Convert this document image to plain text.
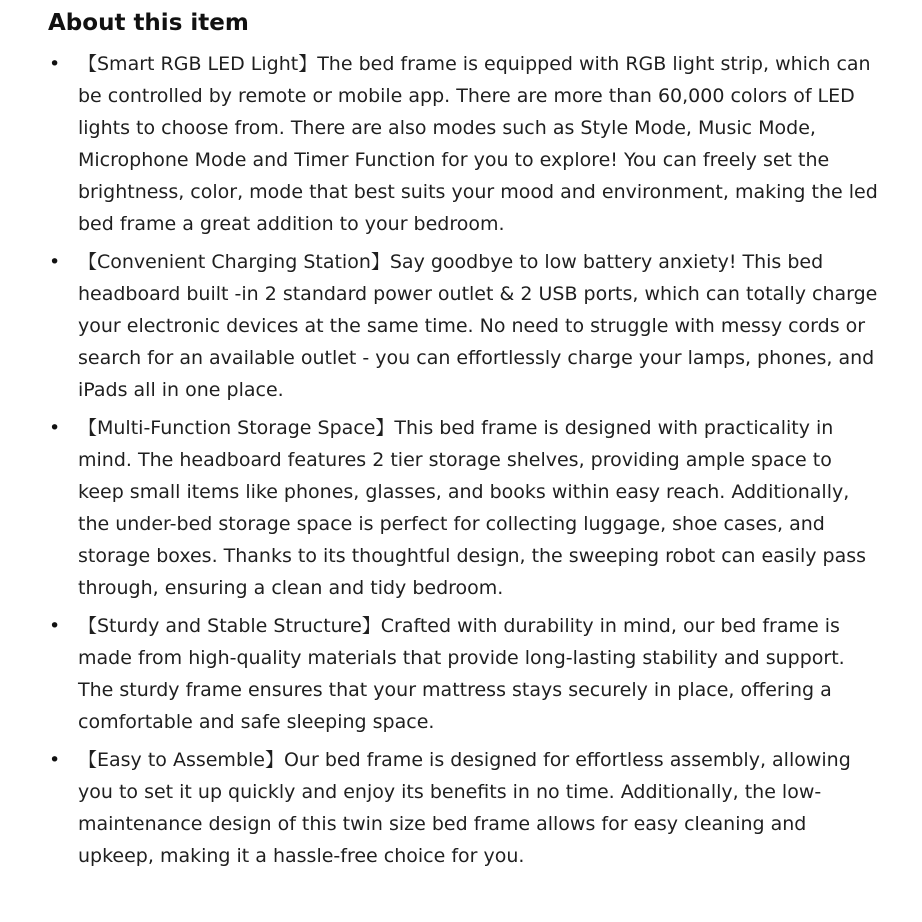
About this item
• 【Smart RGB LED Light】The bed frame is equipped with RGB light strip, which can be controlled by remote or mobile app. There are more than 60,000 colors of LED lights to choose from. There are also modes such as Style Mode, Music Mode, Microphone Mode and Timer Function for you to explore! You can freely set the brightness, color, mode that best suits your mood and environment, making the led bed frame a great addition to your bedroom.
• 【Convenient Charging Station】Say goodbye to low battery anxiety! This bed headboard built -in 2 standard power outlet & 2 USB ports, which can totally charge your electronic devices at the same time. No need to struggle with messy cords or search for an available outlet - you can effortlessly charge your lamps, phones, and iPads all in one place.
• 【Multi-Function Storage Space】This bed frame is designed with practicality in mind. The headboard features 2 tier storage shelves, providing ample space to keep small items like phones, glasses, and books within easy reach. Additionally, the under-bed storage space is perfect for collecting luggage, shoe cases, and storage boxes. Thanks to its thoughtful design, the sweeping robot can easily pass through, ensuring a clean and tidy bedroom.
• 【Sturdy and Stable Structure】Crafted with durability in mind, our bed frame is made from high-quality materials that provide long-lasting stability and support. The sturdy frame ensures that your mattress stays securely in place, offering a comfortable and safe sleeping space.
• 【Easy to Assemble】Our bed frame is designed for effortless assembly, allowing you to set it up quickly and enjoy its benefits in no time. Additionally, the low-maintenance design of this twin size bed frame allows for easy cleaning and upkeep, making it a hassle-free choice for you.
